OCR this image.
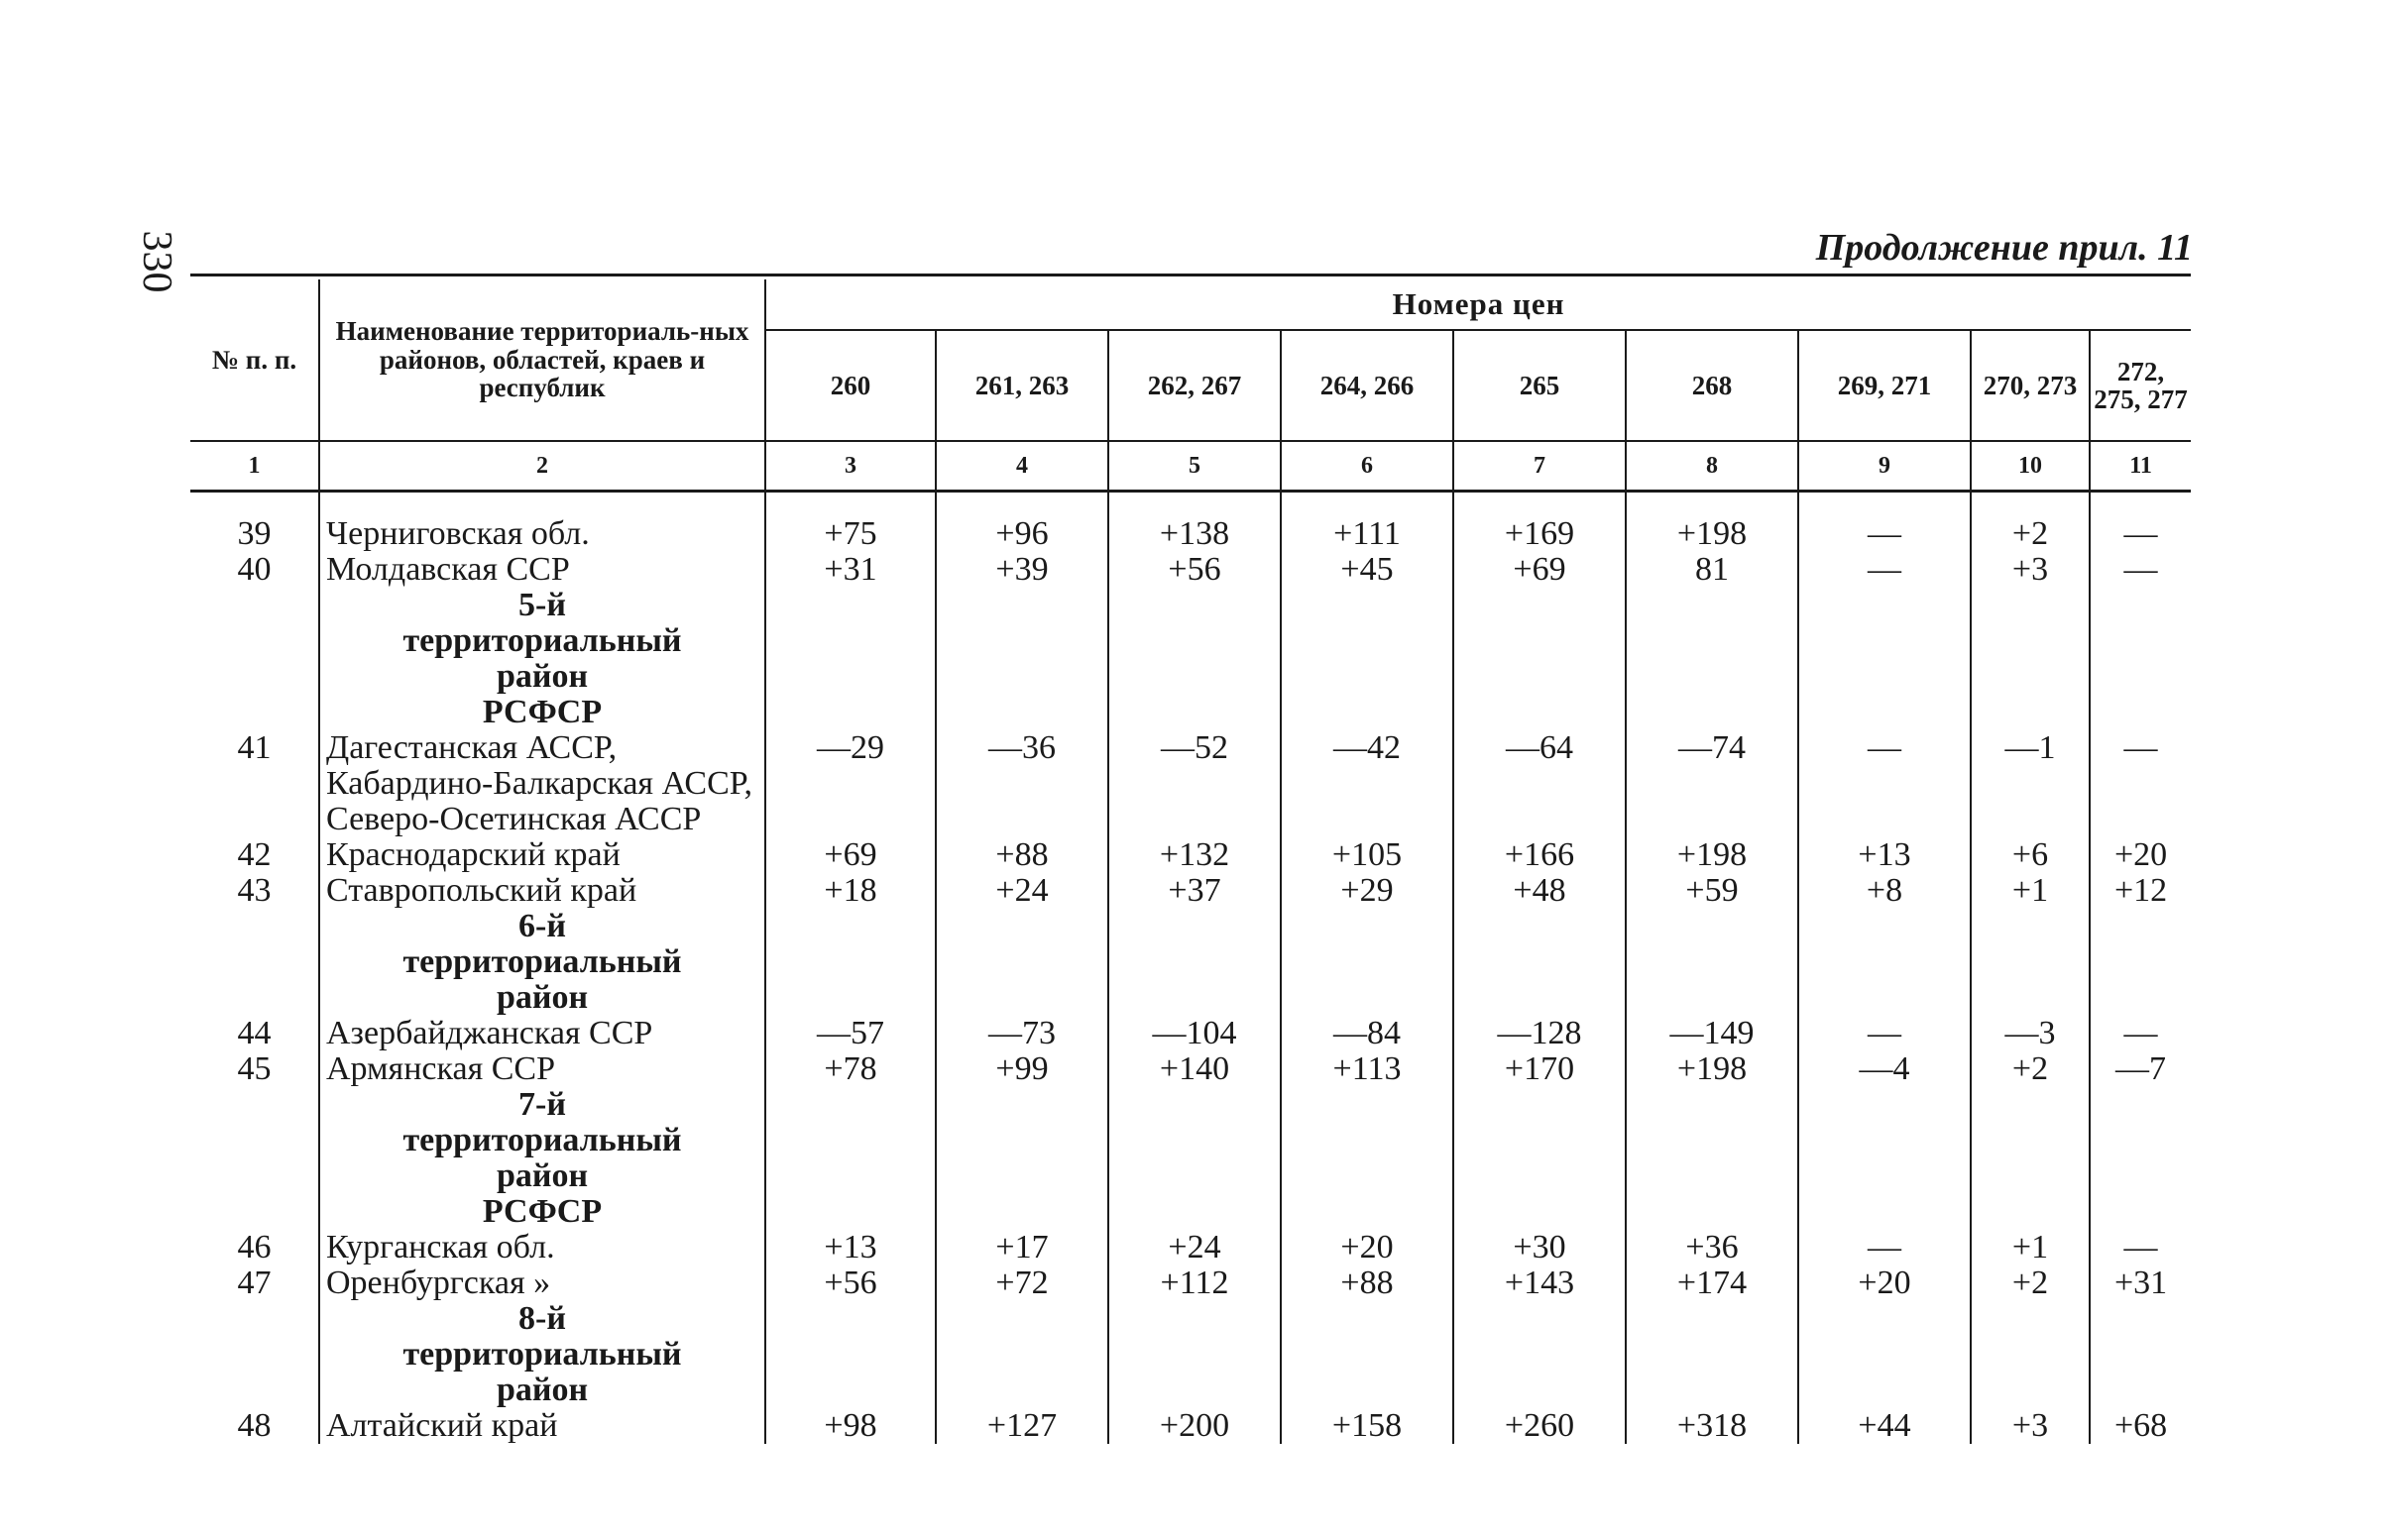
330	Продолжение прил. 11
№ п. п.	Наименование территориаль-ных районов, областей, краев и республик	Номера цен								
		260	261, 263	262, 267	264, 266	265	268	269, 271	270, 273	272, 275, 277
1	2	3	4	5	6	7	8	9	10	11

39	Черниговская обл.	+75	+96	+138	+111	+169	+198	—	+2	—
40	Молдавская ССР	+31	+39	+56	+45	+69	81	—	+3	—

	5-й территориальный район
РСФСР									

41	Дагестанская АССР, Кабардино-Балкарская АССР, Северо-Осетинская АССР	—29	—36	—52	—42	—64	—74	—	—1	—
42	Краснодарский край	+69	+88	+132	+105	+166	+198	+13	+6	+20
43	Ставропольский край	+18	+24	+37	+29	+48	+59	+8	+1	+12

	6-й территориальный район									

44	Азербайджанская ССР	—57	—73	—104	—84	—128	—149	—	—3	—
45	Армянская ССР	+78	+99	+140	+113	+170	+198	—4	+2	—7

	7-й территориальный район
РСФСР									

46	Курганская обл.	+13	+17	+24	+20	+30	+36	—	+1	—
47	Оренбургская »	+56	+72	+112	+88	+143	+174	+20	+2	+31

	8-й территориальный район									

48	Алтайский край	+98	+127	+200	+158	+260	+318	+44	+3	+68
